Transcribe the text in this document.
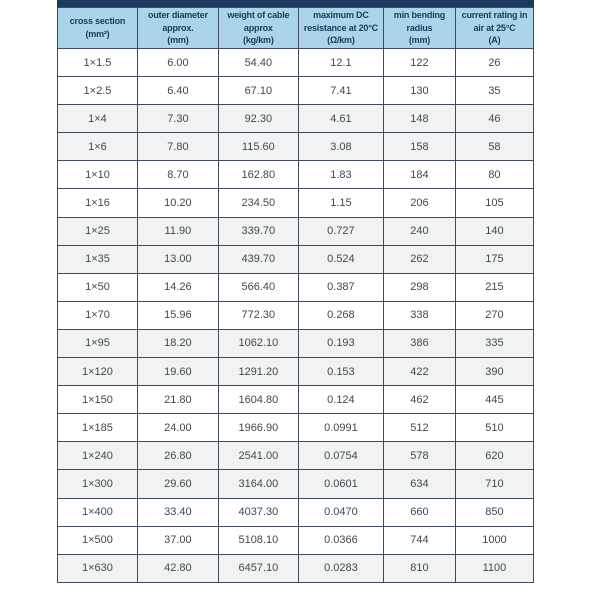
cross section
(mm²)	outer diameter
approx.
(mm)	weight of cable
approx
(kg/km)	maximum DC
resistance at 20°C
(Ω/km)	min bending
radius
(mm)	current rating in
air at 25°C
(A)
1×1.5	6.00	54.40	12.1	122	26
1×2.5	6.40	67.10	7.41	130	35
1×4	7.30	92.30	4.61	148	46
1×6	7.80	115.60	3.08	158	58
1×10	8.70	162.80	1.83	184	80
1×16	10.20	234.50	1.15	206	105
1×25	11.90	339.70	0.727	240	140
1×35	13.00	439.70	0.524	262	175
1×50	14.26	566.40	0.387	298	215
1×70	15.96	772.30	0.268	338	270
1×95	18.20	1062.10	0.193	386	335
1×120	19.60	1291.20	0.153	422	390
1×150	21.80	1604.80	0.124	462	445
1×185	24.00	1966.90	0.0991	512	510
1×240	26.80	2541.00	0.0754	578	620
1×300	29.60	3164.00	0.0601	634	710
1×400	33.40	4037.30	0.0470	660	850
1×500	37.00	5108.10	0.0366	744	1000
1×630	42.80	6457.10	0.0283	810	1100
